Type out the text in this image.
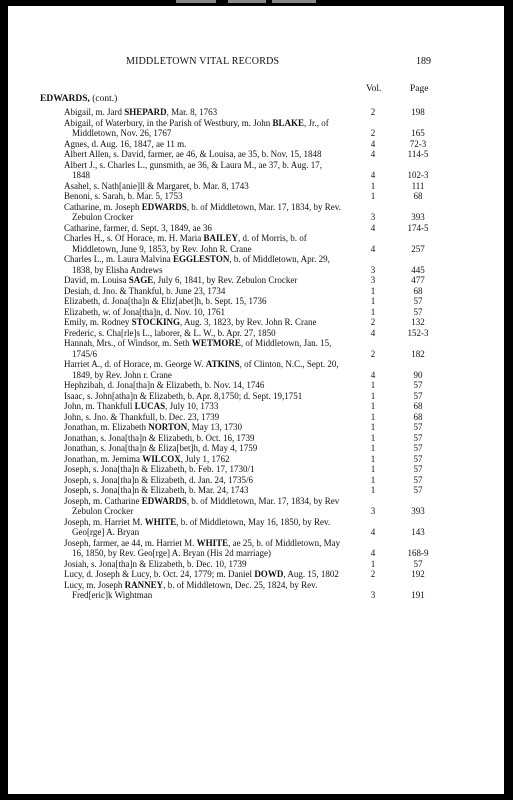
MIDDLETOWN VITAL RECORDS	189
Vol.	Page
EDWARDS, (cont.)
Abigail, m. Jard SHEPARD, Mar. 8, 1763	2	198
Abigail, of Waterbury, in the Parish of Westbury, m. John BLAKE, Jr., of Middletown, Nov. 26, 1767	2	165
Agnes, d. Aug. 16, 1847, ae 11 m.	4	72-3
Albert Allen, s. David, farmer, ae 46, & Louisa, ae 35, b. Nov. 15, 1848	4	114-5
Albert J., s. Charles L., gunsmith, ae 36, & Laura M., ae 37, b. Aug. 17, 1848	4	102-3
Asahel, s. Nath[anie]ll & Margaret, b. Mar. 8, 1743	1	111
Benoni, s. Sarah, b. Mar. 5, 1753	1	68
Catharine, m. Joseph EDWARDS, b. of Middletown, Mar. 17, 1834, by Rev. Zebulon Crocker	3	393
Catharine, farmer, d. Sept. 3, 1849, ae 36	4	174-5
Charles H., s. Of Horace, m. H. Maria BAILEY, d. of Morris, b. of Middletown, June 9, 1853, by Rev. John R. Crane	4	257
Charles L., m. Laura Malvina EGGLESTON, b. of Middletown, Apr. 29, 1838, by Elisha Andrews	3	445
David, m. Louisa SAGE, July 6, 1841, by Rev. Zebulon Crocker	3	477
Desiah, d. Jno. & Thankful, b. June 23, 1734	1	68
Elizabeth, d. Jona[tha]n & Eliz[abet]h, b. Sept. 15, 1736	1	57
Elizabeth, w. of Jona[tha]n, d. Nov. 10, 1761	1	57
Emily, m. Rodney STOCKING, Aug. 3, 1823, by Rev. John R. Crane	2	132
Frederic, s. Cha[rle]s L., laborer, & L. W., b. Apr. 27, 1850	4	152-3
Hannah, Mrs., of Windsor, m. Seth WETMORE, of Middletown, Jan. 15, 1745/6	2	182
Harriet A., d. of Horace, m. George W. ATKINS, of Clinton, N.C., Sept. 20, 1849, by Rev. John r. Crane	4	90
Hephzibah, d. Jona[tha]n & Elizabeth, b. Nov. 14, 1746	1	57
Isaac, s. John[atha]n & Elizabeth, b. Apr. 8,1750; d. Sept. 19,1751	1	57
John, m. Thankfull LUCAS, July 10, 1733	1	68
John, s. Jno. & Thankfull, b. Dec. 23, 1739	1	68
Jonathan, m. Elizabeth NORTON, May 13, 1730	1	57
Jonathan, s. Jona[tha]n & Elizabeth, b. Oct. 16, 1739	1	57
Jonathan, s. Jona[tha]n & Eliza[bet]h, d. May 4, 1759	1	57
Jonathan, m. Jemima WILCOX, July 1, 1762	1	57
Joseph, s. Jona[tha]n & Elizabeth, b. Feb. 17, 1730/1	1	57
Joseph, s. Jona[tha]n & Elizabeth, d. Jan. 24, 1735/6	1	57
Joseph, s. Jona[tha]n & Elizabeth, b. Mar. 24, 1743	1	57
Joseph, m. Catharine EDWARDS, b. of Middletown, Mar. 17, 1834, by Rev Zebulon Crocker	3	393
Joseph, m. Harriet M. WHITE, b. of Middletown, May 16, 1850, by Rev. Geo[rge] A. Bryan	4	143
Joseph, farmer, ae 44, m. Harriet M. WHITE, ae 25, b. of Middletown, May 16, 1850, by Rev. Geo[rge] A. Bryan (His 2d marriage)	4	168-9
Josiah, s. Jona[tha]n & Elizabeth, b. Dec. 10, 1739	1	57
Lucy, d. Joseph & Lucy, b. Oct. 24, 1779; m. Daniel DOWD, Aug. 15, 1802	2	192
Lucy, m. Joseph RANNEY, b. of Middletown, Dec. 25, 1824, by Rev. Fred[eric]k Wightman	3	191
